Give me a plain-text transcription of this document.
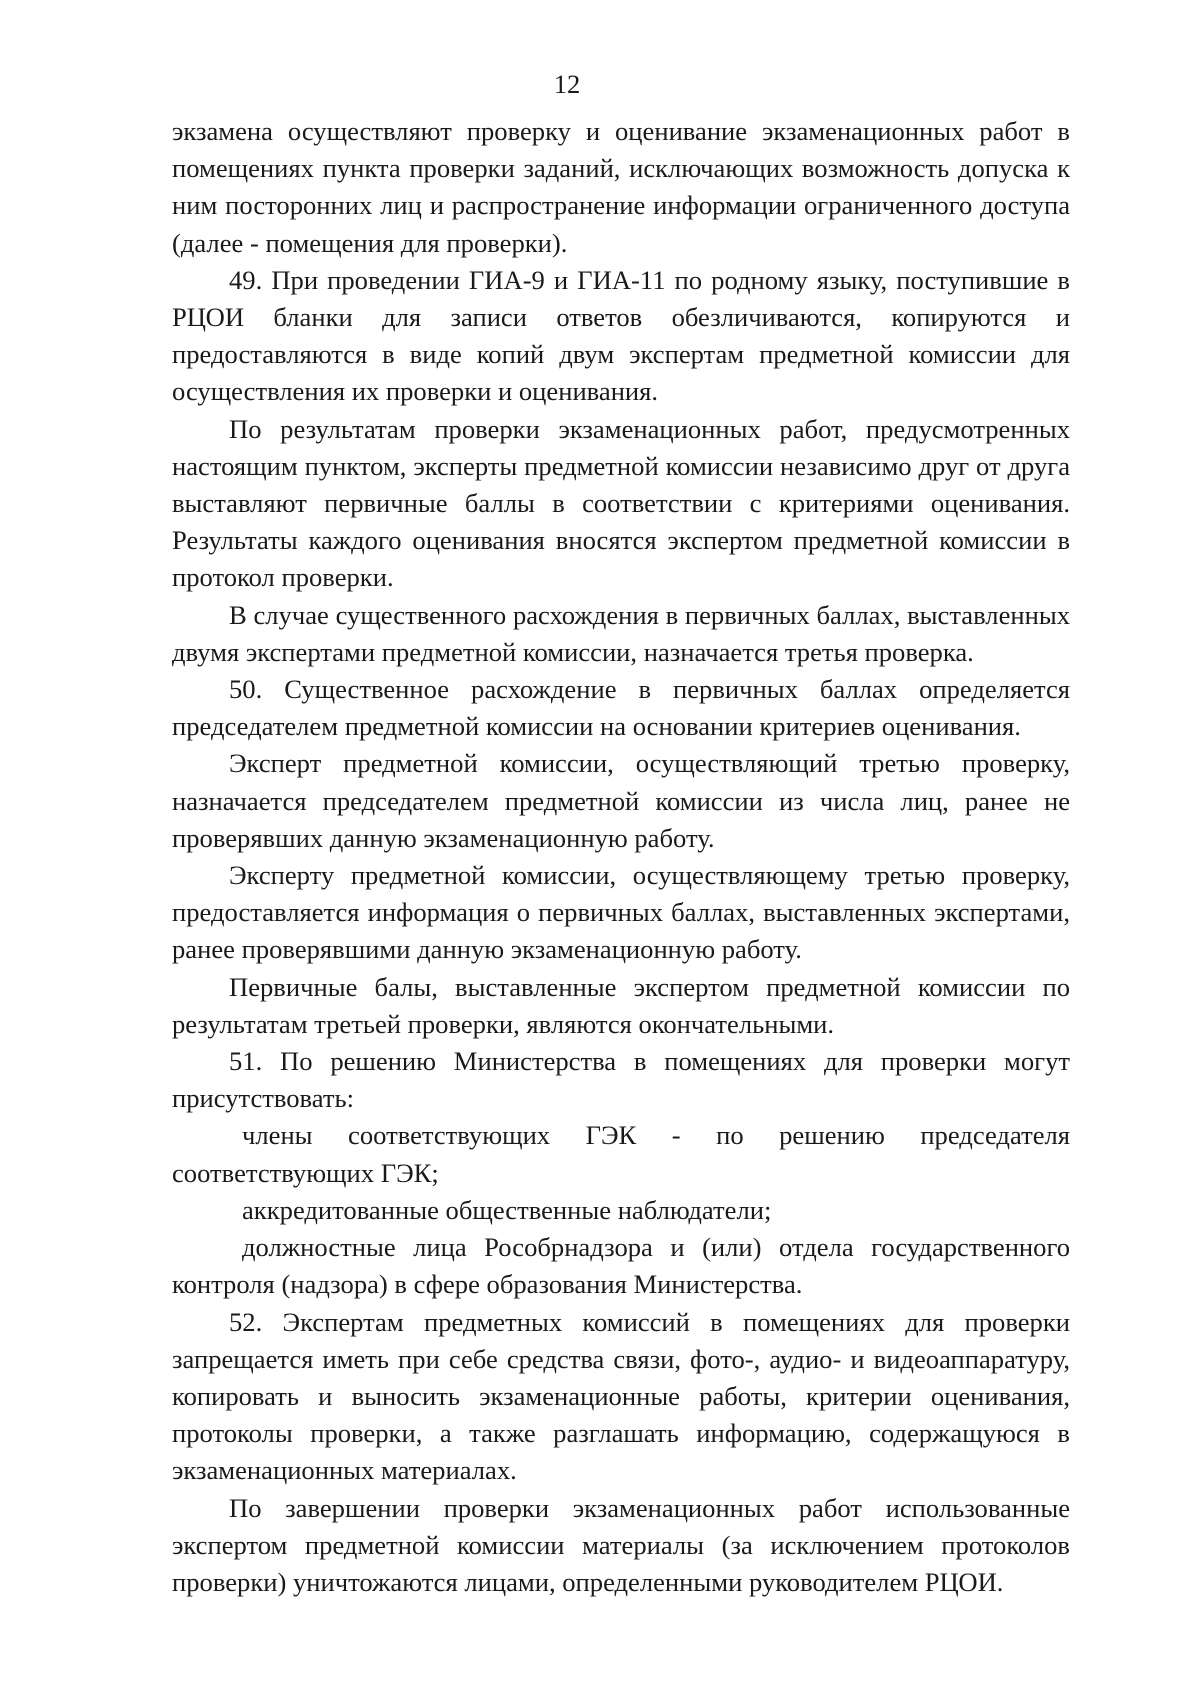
12

экзамена осуществляют проверку и оценивание экзаменационных работ в помещениях пункта проверки заданий, исключающих возможность допуска к ним посторонних лиц и распространение информации ограниченного доступа (далее - помещения для проверки).

49. При проведении ГИА-9 и ГИА-11 по родному языку, поступившие в РЦОИ бланки для записи ответов обезличиваются, копируются и предоставляются в виде копий двум экспертам предметной комиссии для осуществления их проверки и оценивания.

По результатам проверки экзаменационных работ, предусмотренных настоящим пунктом, эксперты предметной комиссии независимо друг от друга выставляют первичные баллы в соответствии с критериями оценивания. Результаты каждого оценивания вносятся экспертом предметной комиссии в протокол проверки.

В случае существенного расхождения в первичных баллах, выставленных двумя экспертами предметной комиссии, назначается третья проверка.

50. Существенное расхождение в первичных баллах определяется председателем предметной комиссии на основании критериев оценивания.

Эксперт предметной комиссии, осуществляющий третью проверку, назначается председателем предметной комиссии из числа лиц, ранее не проверявших данную экзаменационную работу.

Эксперту предметной комиссии, осуществляющему третью проверку, предоставляется информация о первичных баллах, выставленных экспертами, ранее проверявшими данную экзаменационную работу.

Первичные балы, выставленные экспертом предметной комиссии по результатам третьей проверки, являются окончательными.

51. По решению Министерства в помещениях для проверки могут присутствовать:

члены соответствующих ГЭК - по решению председателя соответствующих ГЭК;

аккредитованные общественные наблюдатели;

должностные лица Рособрнадзора и (или) отдела государственного контроля (надзора) в сфере образования Министерства.

52. Экспертам предметных комиссий в помещениях для проверки запрещается иметь при себе средства связи, фото-, аудио- и видеоаппаратуру, копировать и выносить экзаменационные работы, критерии оценивания, протоколы проверки, а также разглашать информацию, содержащуюся в экзаменационных материалах.

По завершении проверки экзаменационных работ использованные экспертом предметной комиссии материалы (за исключением протоколов проверки) уничтожаются лицами, определенными руководителем РЦОИ.
